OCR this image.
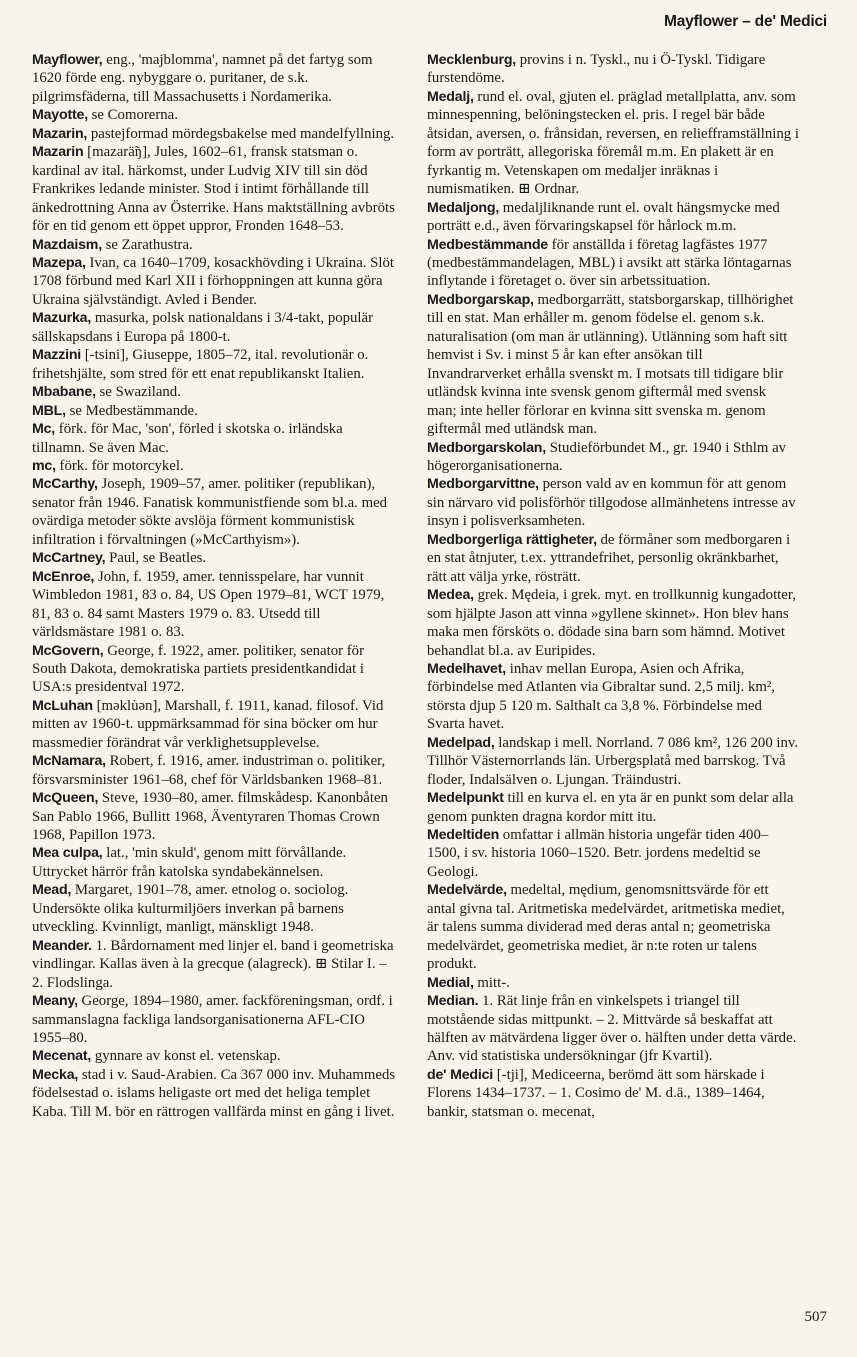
Mayflower – de' Medici

Mayflower, eng., 'majblomma', namnet på det fartyg som 1620 förde eng. nybyggare o. puritaner, de s.k. pilgrimsfäderna, till Massachusetts i Nordamerika.

Mayotte, se Comorerna.

Mazarin, pastejformad mördegsbakelse med mandelfyllning.

Mazarin [mazarä̃ŋ], Jules, 1602–61, fransk statsman o. kardinal av ital. härkomst, under Ludvig XIV till sin död Frankrikes ledande minister. Stod i intimt förhållande till änkedrottning Anna av Österrike. Hans maktställning avbröts för en tid genom ett öppet uppror, Fronden 1648–53.

Mazdaism, se Zarathustra.

Mazepa, Ivan, ca 1640–1709, kosackhövding i Ukraina. Slöt 1708 förbund med Karl XII i förhoppningen att kunna göra Ukraina självständigt. Avled i Bender.

Mazurka, masurka, polsk nationaldans i 3/4-takt, populär sällskapsdans i Europa på 1800-t.

Mazzini [-tsini], Giuseppe, 1805–72, ital. revolutionär o. frihetshjälte, som stred för ett enat republikanskt Italien.

Mbabane, se Swaziland.

MBL, se Medbestämmande.

Mc, förk. för Mac, 'son', förled i skotska o. irländska tillnamn. Se även Mac.

mc, förk. för motorcykel.

McCarthy, Joseph, 1909–57, amer. politiker (republikan), senator från 1946. Fanatisk kommunistfiende som bl.a. med ovärdiga metoder sökte avslöja förment kommunistisk infiltration i förvaltningen (»McCarthyism»).

McCartney, Paul, se Beatles.

McEnroe, John, f. 1959, amer. tennisspelare, har vunnit Wimbledon 1981, 83 o. 84, US Open 1979–81, WCT 1979, 81, 83 o. 84 samt Masters 1979 o. 83. Utsedd till världsmästare 1981 o. 83.

McGovern, George, f. 1922, amer. politiker, senator för South Dakota, demokratiska partiets presidentkandidat i USA:s presidentval 1972.

McLuhan [məklu̇ən], Marshall, f. 1911, kanad. filosof. Vid mitten av 1960-t. uppmärksammad för sina böcker om hur massmedier förändrat vår verklighetsupplevelse.

McNamara, Robert, f. 1916, amer. industriman o. politiker, försvarsminister 1961–68, chef för Världsbanken 1968–81.

McQueen, Steve, 1930–80, amer. filmskådesp. Kanonbåten San Pablo 1966, Bullitt 1968, Äventyraren Thomas Crown 1968, Papillon 1973.

Mea culpa, lat., 'min skuld', genom mitt förvållande. Uttrycket härrör från katolska syndabekännelsen.

Mead, Margaret, 1901–78, amer. etnolog o. sociolog. Undersökte olika kulturmiljöers inverkan på barnens utveckling. Kvinnligt, manligt, mänskligt 1948.

Meander. 1. Bårdornament med linjer el. band i geometriska vindlingar. Kallas även à la grecque (alagreck). ⊞ Stilar I. – 2. Flodslinga.

Meany, George, 1894–1980, amer. fackföreningsman, ordf. i sammanslagna fackliga landsorganisationerna AFL-CIO 1955–80.

Mecenat, gynnare av konst el. vetenskap.

Mecka, stad i v. Saud-Arabien. Ca 367 000 inv. Muhammeds födelsestad o. islams heligaste ort med det heliga templet Kaba. Till M. bör en rättrogen vallfärda minst en gång i livet.

Mecklenburg, provins i n. Tyskl., nu i Ö-Tyskl. Tidigare furstendöme.

Medalj, rund el. oval, gjuten el. präglad metallplatta, anv. som minnespenning, belöningstecken el. pris. I regel bär både åtsidan, aversen, o. frånsidan, reversen, en reliefframställning i form av porträtt, allegoriska föremål m.m. En plakett är en fyrkantig m. Vetenskapen om medaljer inräknas i numismatiken. ⊞ Ordnar.

Medaljong, medaljliknande runt el. ovalt hängsmycke med porträtt e.d., även förvaringskapsel för hårlock m.m.

Medbestämmande för anställda i företag lagfästes 1977 (medbestämmandelagen, MBL) i avsikt att stärka löntagarnas inflytande i företaget o. över sin arbetssituation.

Medborgarskap, medborgarrätt, statsborgarskap, tillhörighet till en stat. Man erhåller m. genom födelse el. genom s.k. naturalisation (om man är utlänning). Utlänning som haft sitt hemvist i Sv. i minst 5 år kan efter ansökan till Invandrarverket erhålla svenskt m. I motsats till tidigare blir utländsk kvinna inte svensk genom giftermål med svensk man; inte heller förlorar en kvinna sitt svenska m. genom giftermål med utländsk man.

Medborgarskolan, Studieförbundet M., gr. 1940 i Sthlm av högerorganisationerna.

Medborgarvittne, person vald av en kommun för att genom sin närvaro vid polisförhör tillgodose allmänhetens intresse av insyn i polisverksamheten.

Medborgerliga rättigheter, de förmåner som medborgaren i en stat åtnjuter, t.ex. yttrandefrihet, personlig okränkbarhet, rätt att välja yrke, rösträtt.

Medea, grek. Mędeia, i grek. myt. en trollkunnig kungadotter, som hjälpte Jason att vinna »gyllene skinnet». Hon blev hans maka men försköts o. dödade sina barn som hämnd. Motivet behandlat bl.a. av Euripides.

Medelhavet, inhav mellan Europa, Asien och Afrika, förbindelse med Atlanten via Gibraltar sund. 2,5 milj. km², största djup 5 120 m. Salthalt ca 3,8 %. Förbindelse med Svarta havet.

Medelpad, landskap i mell. Norrland. 7 086 km², 126 200 inv. Tillhör Västernorrlands län. Urbergsplatå med barrskog. Två floder, Indalsälven o. Ljungan. Träindustri.

Medelpunkt till en kurva el. en yta är en punkt som delar alla genom punkten dragna kordor mitt itu.

Medeltiden omfattar i allmän historia ungefär tiden 400–1500, i sv. historia 1060–1520. Betr. jordens medeltid se Geologi.

Medelvärde, medeltal, mędium, genomsnittsvärde för ett antal givna tal. Aritmetiska medelvärdet, aritmetiska mediet, är talens summa dividerad med deras antal n; geometriska medelvärdet, geometriska mediet, är n:te roten ur talens produkt.

Medial, mitt-.

Median. 1. Rät linje från en vinkelspets i triangel till motstående sidas mittpunkt. – 2. Mittvärde så beskaffat att hälften av mätvärdena ligger över o. hälften under detta värde. Anv. vid statistiska undersökningar (jfr Kvartil).

de' Medici [-tji], Mediceerna, berömd ätt som härskade i Florens 1434–1737. – 1. Cosimo de' M. d.ä., 1389–1464, bankir, statsman o. mecenat,

507
